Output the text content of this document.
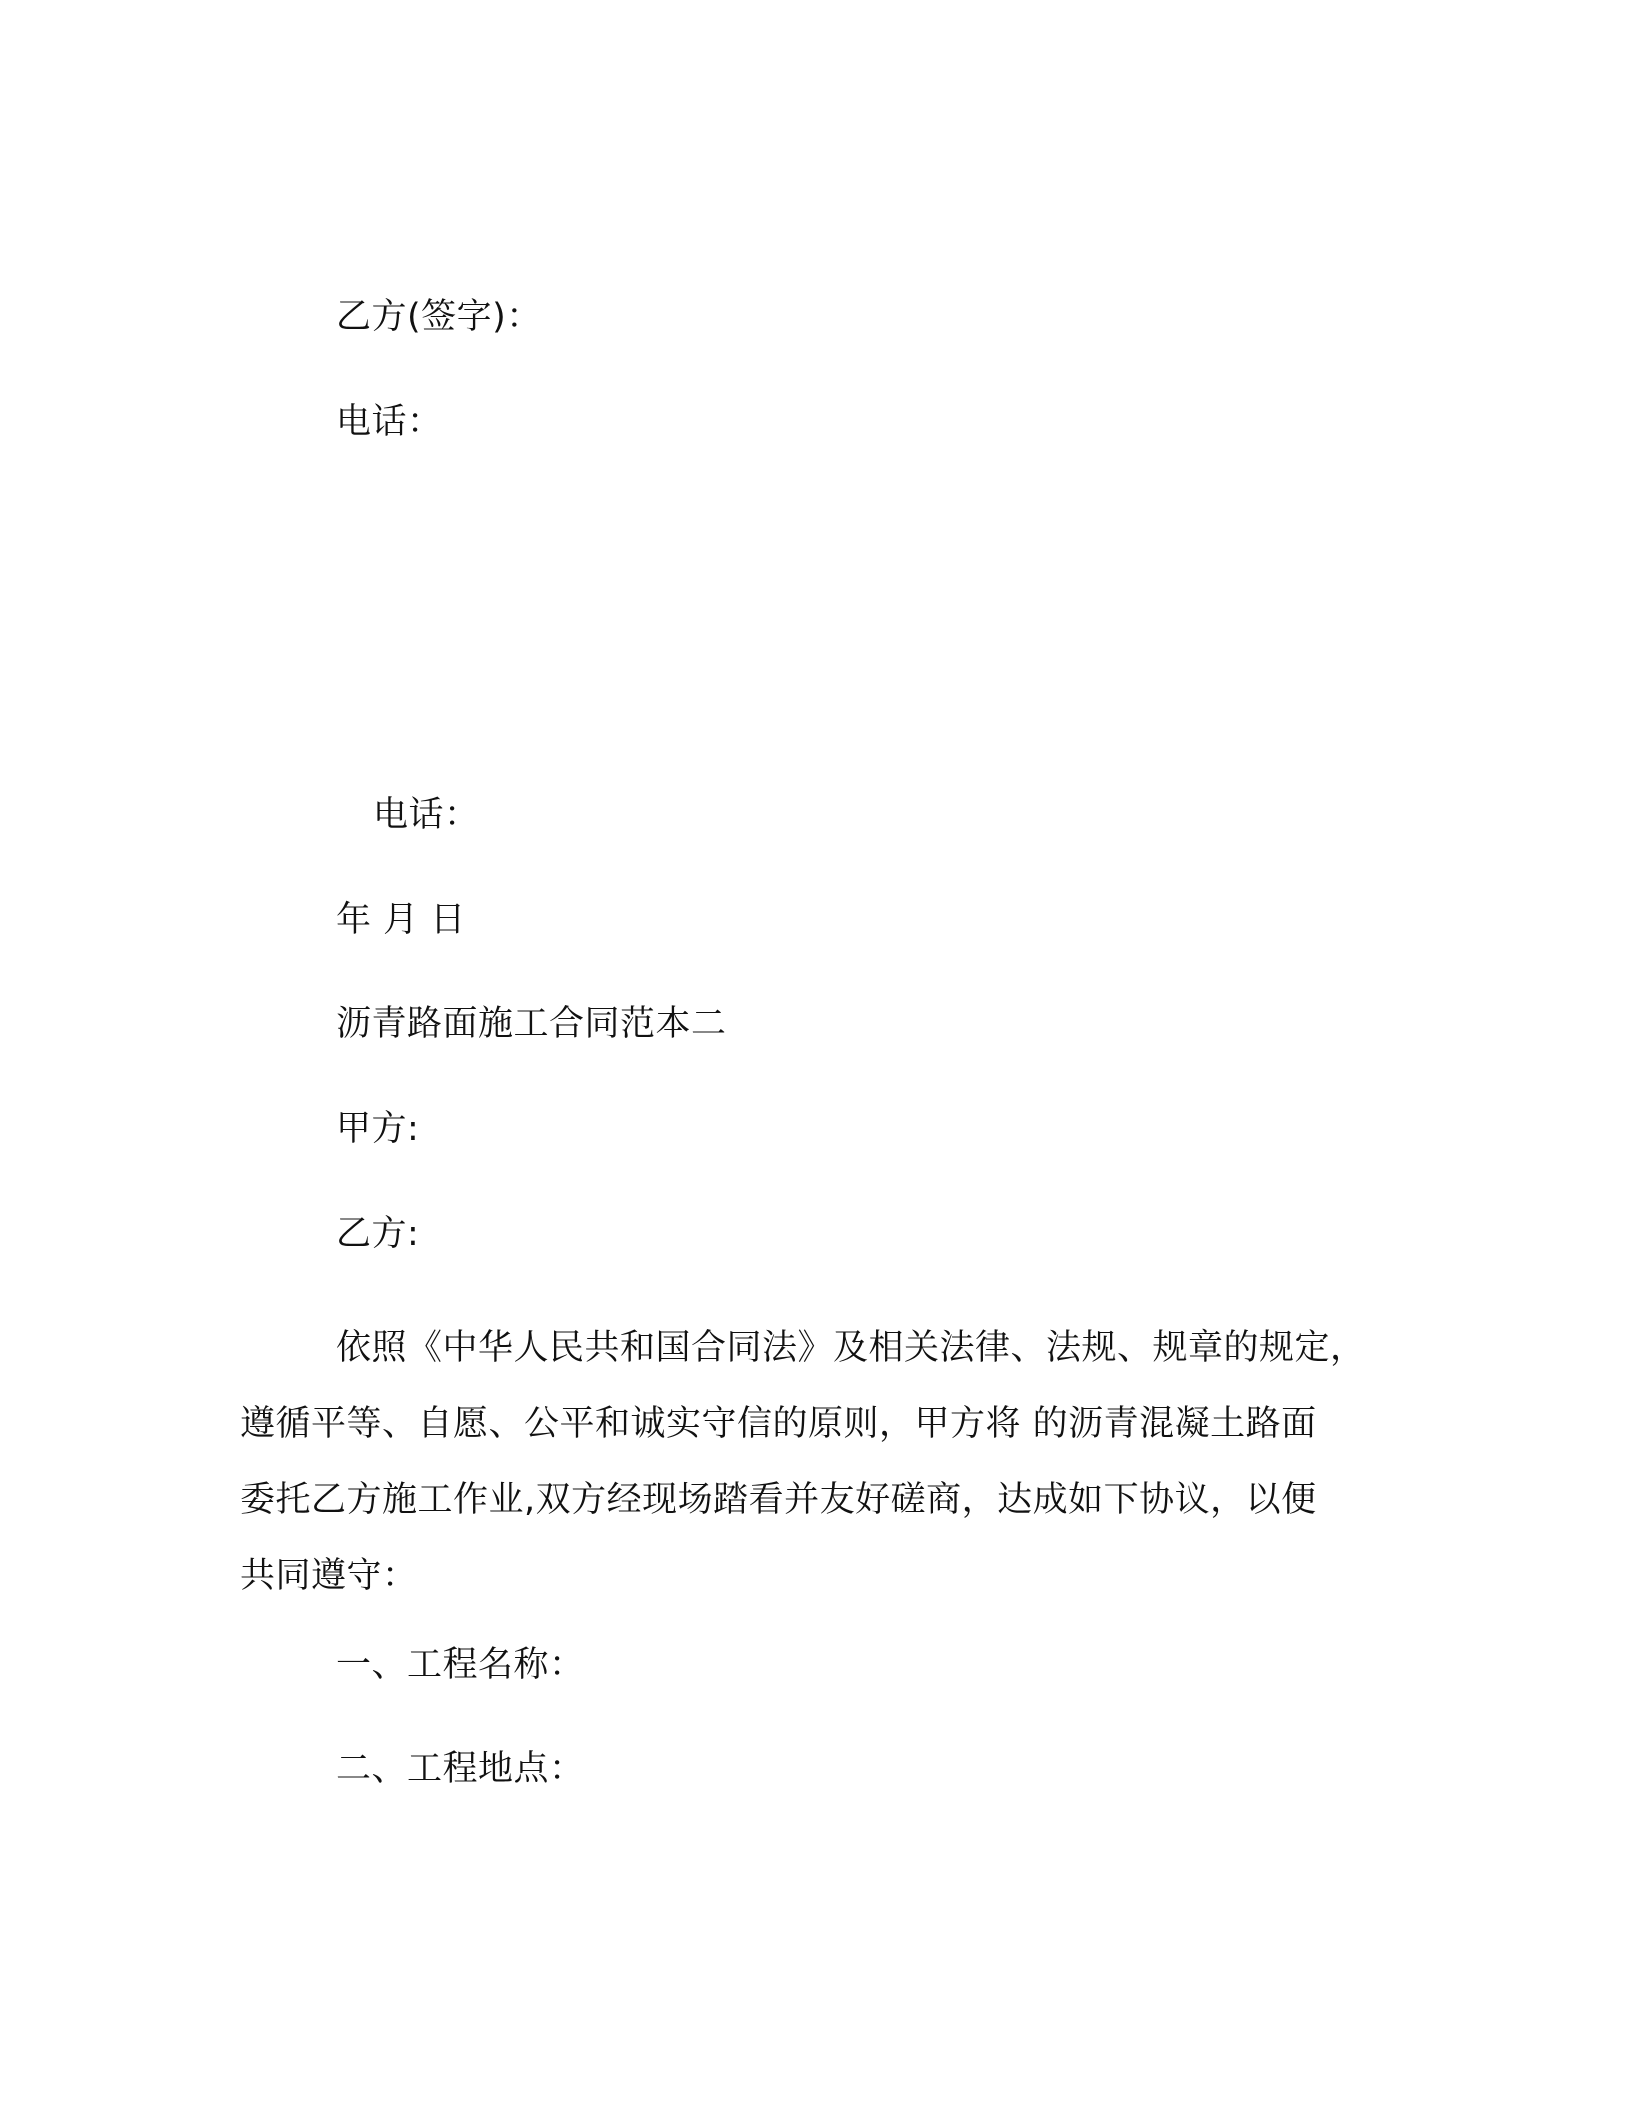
乙方(签字)：
电话：
电话：
年 月 日
沥青路面施工合同范本二
甲方:
乙方:
依照《中华人民共和国合同法》及相关法律、法规、规章的规定，
遵循平等、自愿、公平和诚实守信的原则，甲方将 的沥青混凝土路面
委托乙方施工作业,双方经现场踏看并友好磋商，达成如下协议，以便
共同遵守：
一、工程名称：
二、工程地点：
